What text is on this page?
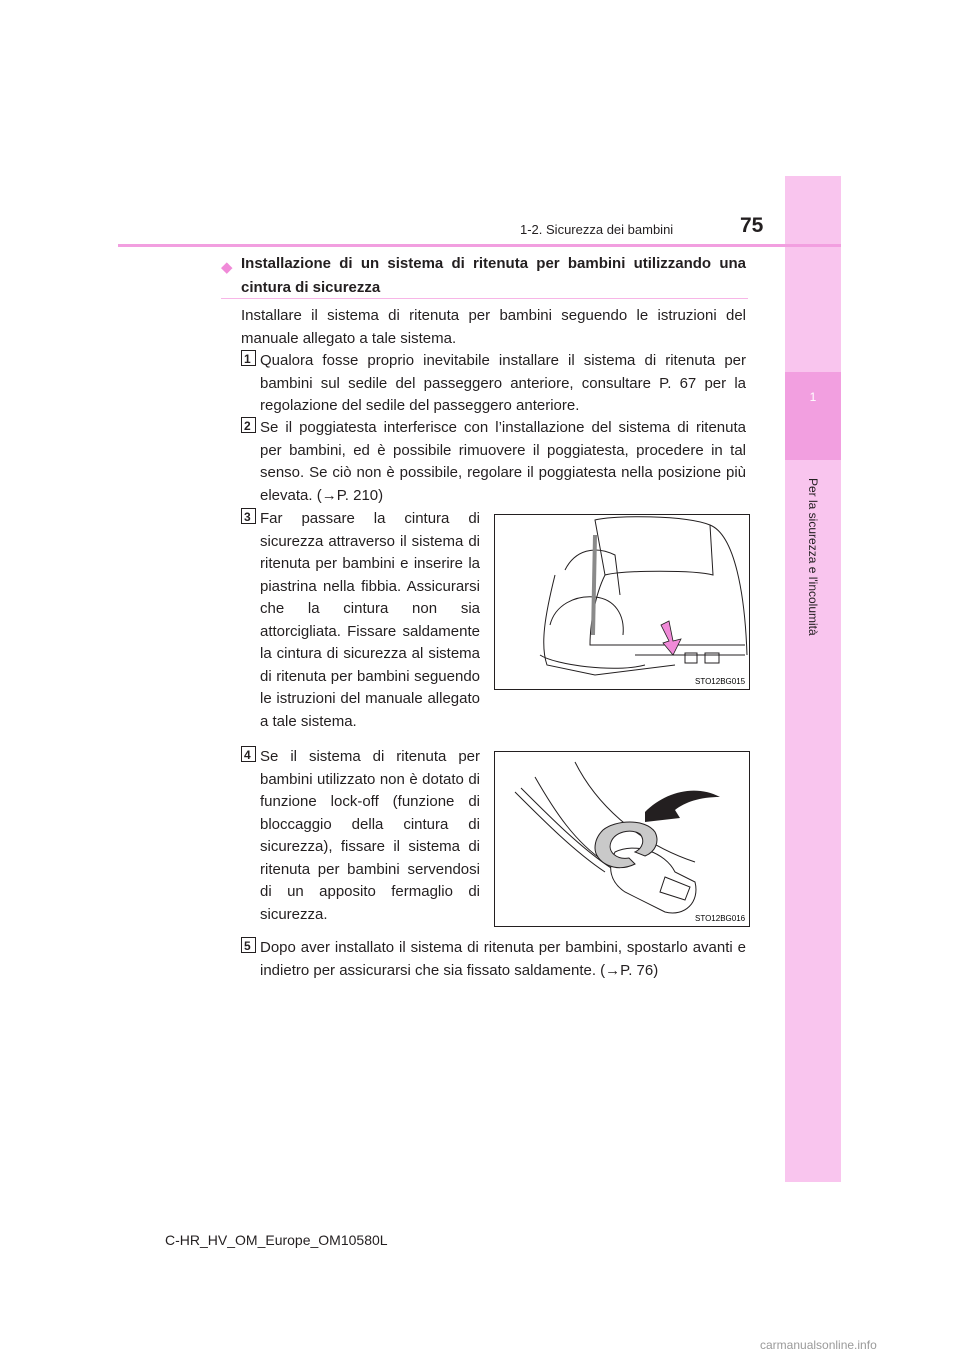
1
Per la sicurezza e l'incolumità
1-2. Sicurezza dei bambini	75
◆ Installazione di un sistema di ritenuta per bambini utilizzando una cintura di sicurezza
Installare il sistema di ritenuta per bambini seguendo le istruzioni del manuale allegato a tale sistema.
1 Qualora fosse proprio inevitabile installare il sistema di ritenuta per bambini sul sedile del passeggero anteriore, consultare P. 67 per la regolazione del sedile del passeggero anteriore.
2 Se il poggiatesta interferisce con l’installazione del sistema di ritenuta per bambini, ed è possibile rimuovere il poggiatesta, procedere in tal senso. Se ciò non è possibile, regolare il poggiatesta nella posizione più elevata. (→P. 210)
3 Far passare la cintura di sicurezza attraverso il sistema di ritenuta per bambini e inserire la piastrina nella fibbia. Assicurarsi che la cintura non sia attorcigliata. Fissare saldamente la cintura di sicurezza al sistema di ritenuta per bambini seguendo le istruzioni del manuale allegato a tale sistema.
STO12BG015
4 Se il sistema di ritenuta per bambini utilizzato non è dotato di funzione lock-off (funzione di bloccaggio della cintura di sicurezza), fissare il sistema di ritenuta per bambini servendosi di un apposito fermaglio di sicurezza.	STO12BG016
5 Dopo aver installato il sistema di ritenuta per bambini, spostarlo avanti e indietro per assicurarsi che sia fissato saldamente. (→P. 76)
C-HR_HV_OM_Europe_OM10580L
carmanualsonline.info
